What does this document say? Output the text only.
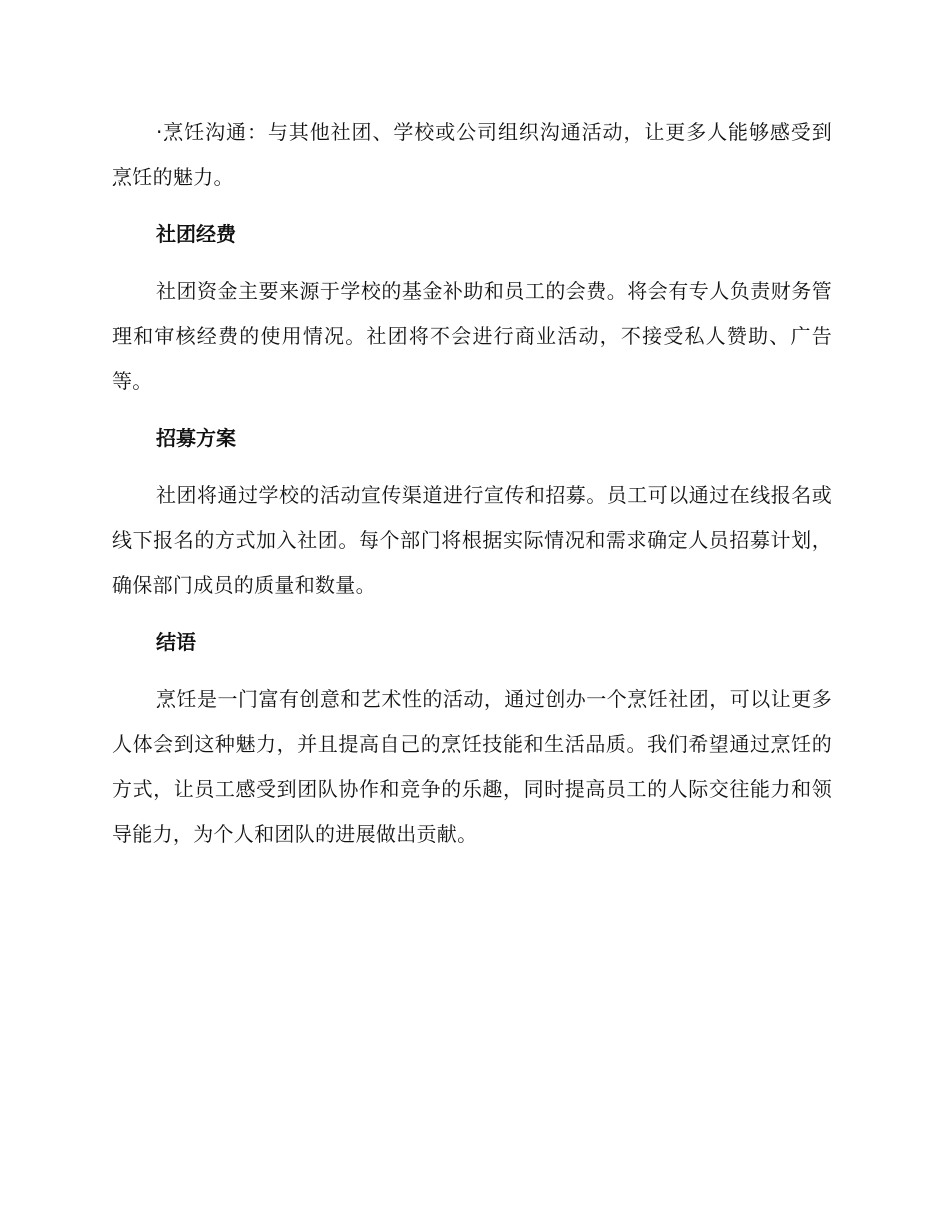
·烹饪沟通：与其他社团、学校或公司组织沟通活动，让更多人能够感受到烹饪的魅力。

社团经费

社团资金主要来源于学校的基金补助和员工的会费。将会有专人负责财务管理和审核经费的使用情况。社团将不会进行商业活动，不接受私人赞助、广告等。

招募方案

社团将通过学校的活动宣传渠道进行宣传和招募。员工可以通过在线报名或线下报名的方式加入社团。每个部门将根据实际情况和需求确定人员招募计划，确保部门成员的质量和数量。

结语

烹饪是一门富有创意和艺术性的活动，通过创办一个烹饪社团，可以让更多人体会到这种魅力，并且提高自己的烹饪技能和生活品质。我们希望通过烹饪的方式，让员工感受到团队协作和竞争的乐趣，同时提高员工的人际交往能力和领导能力，为个人和团队的进展做出贡献。
